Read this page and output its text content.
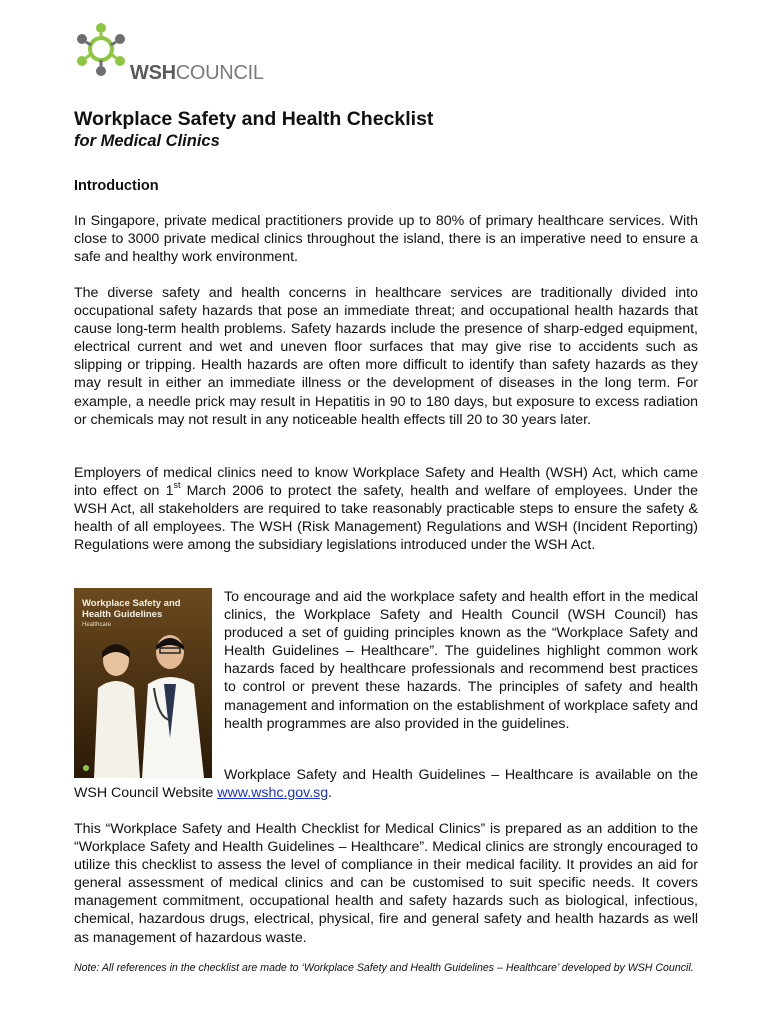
WSHCOUNCIL
Workplace Safety and Health Checklist
for Medical Clinics
Introduction

In Singapore, private medical practitioners provide up to 80% of primary healthcare services. With close to 3000 private medical clinics throughout the island, there is an imperative need to ensure a safe and healthy work environment.

The diverse safety and health concerns in healthcare services are traditionally divided into occupational safety hazards that pose an immediate threat; and occupational health hazards that cause long-term health problems. Safety hazards include the presence of sharp-edged equipment, electrical current and wet and uneven floor surfaces that may give rise to accidents such as slipping or tripping. Health hazards are often more difficult to identify than safety hazards as they may result in either an immediate illness or the development of diseases in the long term. For example, a needle prick may result in Hepatitis in 90 to 180 days, but exposure to excess radiation or chemicals may not result in any noticeable health effects till 20 to 30 years later.

Employers of medical clinics need to know Workplace Safety and Health (WSH) Act, which came into effect on 1st March 2006 to protect the safety, health and welfare of employees. Under the WSH Act, all stakeholders are required to take reasonably practicable steps to ensure the safety & health of all employees. The WSH (Risk Management) Regulations and WSH (Incident Reporting) Regulations were among the subsidiary legislations introduced under the WSH Act.

Workplace Safety and Health Guidelines
Healthcare

To encourage and aid the workplace safety and health effort in the medical clinics, the Workplace Safety and Health Council (WSH Council) has produced a set of guiding principles known as the “Workplace Safety and Health Guidelines – Healthcare”. The guidelines highlight common work hazards faced by healthcare professionals and recommend best practices to control or prevent these hazards. The principles of safety and health management and information on the establishment of workplace safety and health programmes are also provided in the guidelines.

Workplace Safety and Health Guidelines – Healthcare is available on the WSH Council Website www.wshc.gov.sg.

This “Workplace Safety and Health Checklist for Medical Clinics” is prepared as an addition to the “Workplace Safety and Health Guidelines – Healthcare”. Medical clinics are strongly encouraged to utilize this checklist to assess the level of compliance in their medical facility. It provides an aid for general assessment of medical clinics and can be customised to suit specific needs. It covers management commitment, occupational health and safety hazards such as biological, infectious, chemical, hazardous drugs, electrical, physical, fire and general safety and health hazards as well as management of hazardous waste.

Note: All references in the checklist are made to ‘Workplace Safety and Health Guidelines – Healthcare’ developed by WSH Council.
